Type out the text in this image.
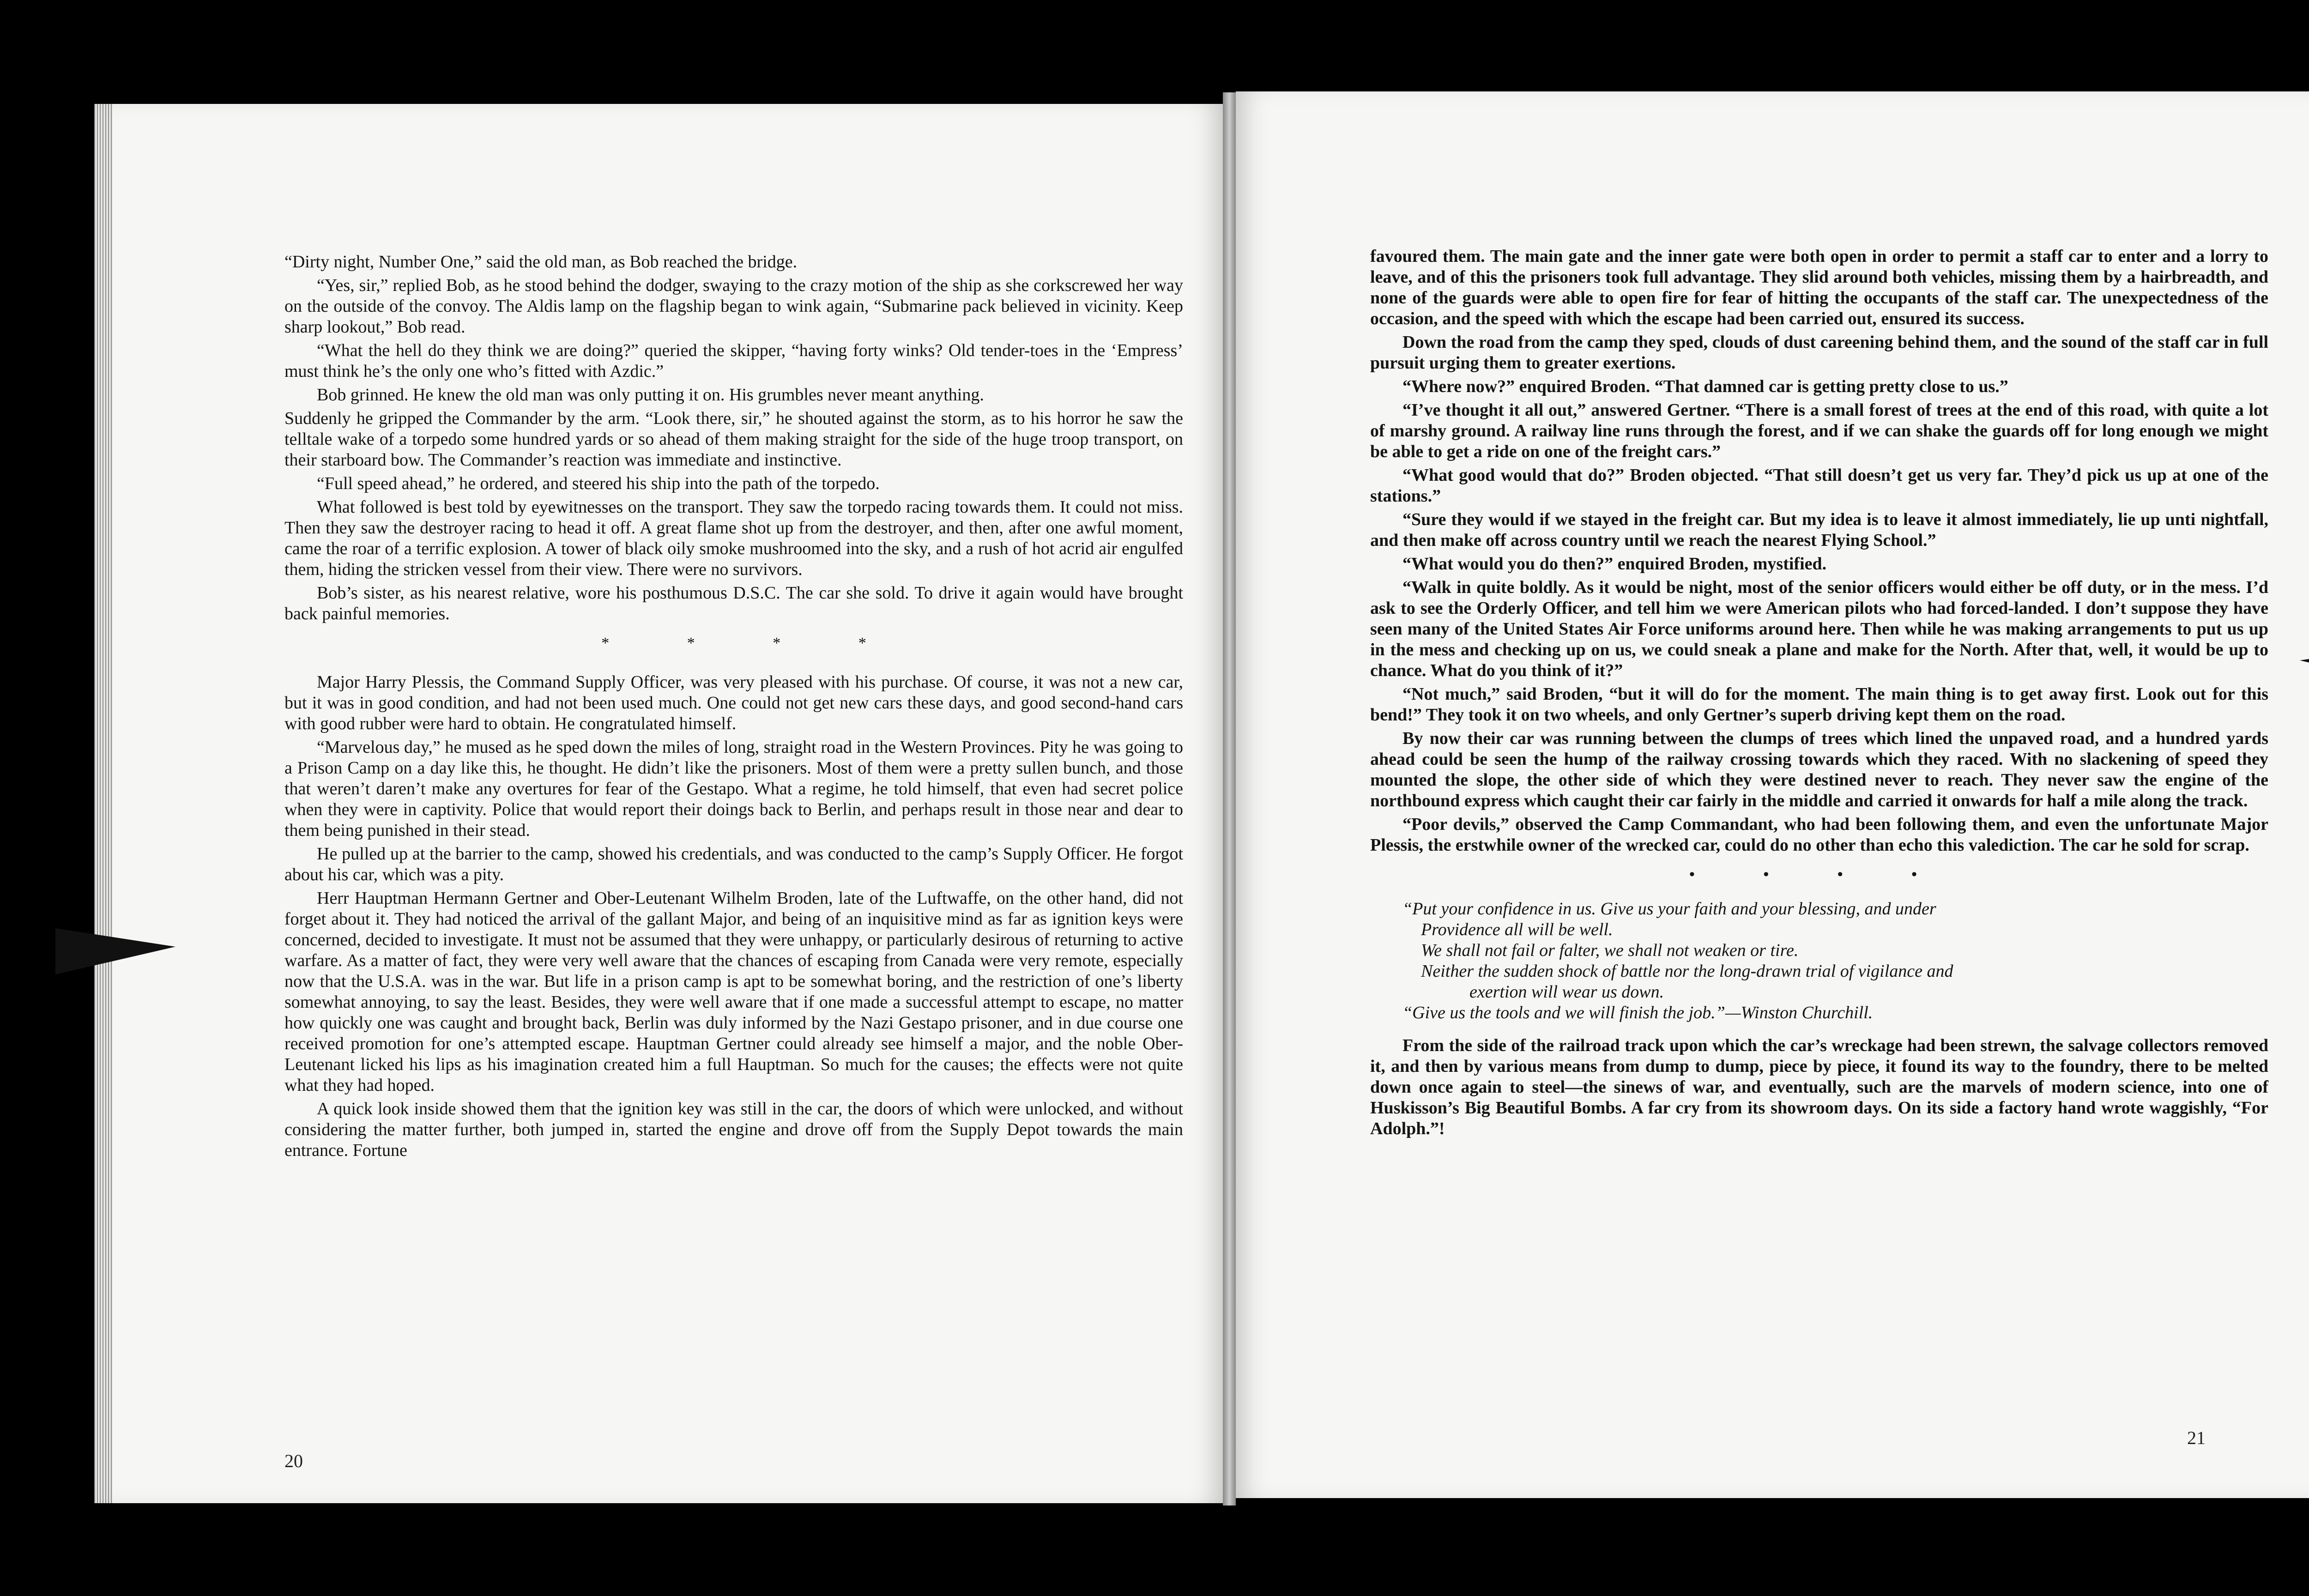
“Dirty night, Number One,” said the old man, as Bob reached the bridge.

“Yes, sir,” replied Bob, as he stood behind the dodger, swaying to the crazy motion of the ship as she corkscrewed her way on the outside of the convoy. The Aldis lamp on the flagship began to wink again, “Submarine pack believed in vicinity. Keep sharp lookout,” Bob read.

“What the hell do they think we are doing?” queried the skipper, “having forty winks? Old tender-toes in the ‘Empress’ must think he’s the only one who’s fitted with Azdic.”

Bob grinned. He knew the old man was only putting it on. His grumbles never meant anything.

Suddenly he gripped the Commander by the arm. “Look there, sir,” he shouted against the storm, as to his horror he saw the telltale wake of a torpedo some hundred yards or so ahead of them making straight for the side of the huge troop transport, on their starboard bow. The Commander’s reaction was immediate and instinctive.

“Full speed ahead,” he ordered, and steered his ship into the path of the torpedo.

What followed is best told by eyewitnesses on the transport. They saw the torpedo racing towards them. It could not miss. Then they saw the destroyer racing to head it off. A great flame shot up from the destroyer, and then, after one awful moment, came the roar of a terrific explosion. A tower of black oily smoke mushroomed into the sky, and a rush of hot acrid air engulfed them, hiding the stricken vessel from their view. There were no survivors.

Bob’s sister, as his nearest relative, wore his posthumous D.S.C. The car she sold. To drive it again would have brought back painful memories.

* * * *

Major Harry Plessis, the Command Supply Officer, was very pleased with his purchase. Of course, it was not a new car, but it was in good condition, and had not been used much. One could not get new cars these days, and good second-hand cars with good rubber were hard to obtain. He congratulated himself.

“Marvelous day,” he mused as he sped down the miles of long, straight road in the Western Provinces. Pity he was going to a Prison Camp on a day like this, he thought. He didn’t like the prisoners. Most of them were a pretty sullen bunch, and those that weren’t daren’t make any overtures for fear of the Gestapo. What a regime, he told himself, that even had secret police when they were in captivity. Police that would report their doings back to Berlin, and perhaps result in those near and dear to them being punished in their stead.

He pulled up at the barrier to the camp, showed his credentials, and was conducted to the camp’s Supply Officer. He forgot about his car, which was a pity.

Herr Hauptman Hermann Gertner and Ober-Leutenant Wilhelm Broden, late of the Luftwaffe, on the other hand, did not forget about it. They had noticed the arrival of the gallant Major, and being of an inquisitive mind as far as ignition keys were concerned, decided to investigate. It must not be assumed that they were unhappy, or particularly desirous of returning to active warfare. As a matter of fact, they were very well aware that the chances of escaping from Canada were very remote, especially now that the U.S.A. was in the war. But life in a prison camp is apt to be somewhat boring, and the restriction of one’s liberty somewhat annoying, to say the least. Besides, they were well aware that if one made a successful attempt to escape, no matter how quickly one was caught and brought back, Berlin was duly informed by the Nazi Gestapo prisoner, and in due course one received promotion for one’s attempted escape. Hauptman Gertner could already see himself a major, and the noble Ober-Leutenant licked his lips as his imagination created him a full Hauptman. So much for the causes; the effects were not quite what they had hoped.

A quick look inside showed them that the ignition key was still in the car, the doors of which were unlocked, and without considering the matter further, both jumped in, started the engine and drove off from the Supply Depot towards the main entrance. Fortune

20

favoured them. The main gate and the inner gate were both open in order to permit a staff car to enter and a lorry to leave, and of this the prisoners took full advantage. They slid around both vehicles, missing them by a hairbreadth, and none of the guards were able to open fire for fear of hitting the occupants of the staff car. The unexpectedness of the occasion, and the speed with which the escape had been carried out, ensured its success.

Down the road from the camp they sped, clouds of dust careening behind them, and the sound of the staff car in full pursuit urging them to greater exertions.

“Where now?” enquired Broden. “That damned car is getting pretty close to us.”

“I’ve thought it all out,” answered Gertner. “There is a small forest of trees at the end of this road, with quite a lot of marshy ground. A railway line runs through the forest, and if we can shake the guards off for long enough we might be able to get a ride on one of the freight cars.”

“What good would that do?” Broden objected. “That still doesn’t get us very far. They’d pick us up at one of the stations.”

“Sure they would if we stayed in the freight car. But my idea is to leave it almost immediately, lie up unti nightfall, and then make off across country until we reach the nearest Flying School.”

“What would you do then?” enquired Broden, mystified.

“Walk in quite boldly. As it would be night, most of the senior officers would either be off duty, or in the mess. I’d ask to see the Orderly Officer, and tell him we were American pilots who had forced-landed. I don’t suppose they have seen many of the United States Air Force uniforms around here. Then while he was making arrangements to put us up in the mess and checking up on us, we could sneak a plane and make for the North. After that, well, it would be up to chance. What do you think of it?”

“Not much,” said Broden, “but it will do for the moment. The main thing is to get away first. Look out for this bend!” They took it on two wheels, and only Gertner’s superb driving kept them on the road.

By now their car was running between the clumps of trees which lined the unpaved road, and a hundred yards ahead could be seen the hump of the railway crossing towards which they raced. With no slackening of speed they mounted the slope, the other side of which they were destined never to reach. They never saw the engine of the northbound express which caught their car fairly in the middle and carried it onwards for half a mile along the track.

“Poor devils,” observed the Camp Commandant, who had been following them, and even the unfortunate Major Plessis, the erstwhile owner of the wrecked car, could do no other than echo this valediction. The car he sold for scrap.

• • • •
“Put your confidence in us. Give us your faith and your blessing, and under
Providence all will be well.
We shall not fail or falter, we shall not weaken or tire.
Neither the sudden shock of battle nor the long-drawn trial of vigilance and
exertion will wear us down.
“Give us the tools and we will finish the job.”—Winston Churchill.

From the side of the railroad track upon which the car’s wreckage had been strewn, the salvage collectors removed it, and then by various means from dump to dump, piece by piece, it found its way to the foundry, there to be melted down once again to steel—the sinews of war, and eventually, such are the marvels of modern science, into one of Huskisson’s Big Beautiful Bombs. A far cry from its showroom days. On its side a factory hand wrote waggishly, “For Adolph.”!

21
